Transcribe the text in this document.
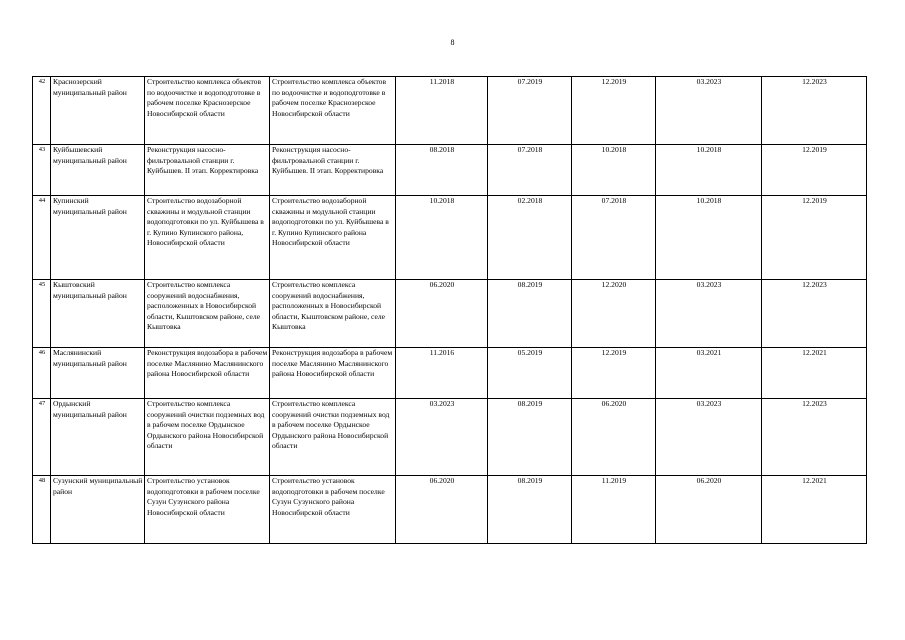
8
42	Краснозерский муниципальный район	Строительство комплекса объектов по водоочистке и водоподготовке в рабочем поселке Краснозерское Новосибирской области	Строительство комплекса объектов по водоочистке и водоподготовке в рабочем поселке Краснозерское Новосибирской области	11.2018	07.2019	12.2019	03.2023	12.2023
43	Куйбышевский муниципальный район	Реконструкция насосно-фильтровальной станции г. Куйбышев. II этап. Корректировка	Реконструкция насосно-фильтровальной станции г. Куйбышев. II этап. Корректировка	08.2018	07.2018	10.2018	10.2018	12.2019
44	Купинский муниципальный район	Строительство водозаборной скважины и модульной станции водоподготовки по ул. Куйбышева в г. Купино Купинского района, Новосибирской области	Строительство водозаборной скважины и модульной станции водоподготовки по ул. Куйбышева в г. Купино Купинского района Новосибирской области	10.2018	02.2018	07.2018	10.2018	12.2019
45	Кыштовский муниципальный район	Строительство комплекса сооружений водоснабжения, расположенных в Новосибирской области, Кыштовском районе, селе Кыштовка	Строительство комплекса сооружений водоснабжения, расположенных в Новосибирской области, Кыштовском районе, селе Кыштовка	06.2020	08.2019	12.2020	03.2023	12.2023
46	Маслянинский муниципальный район	Реконструкция водозабора в рабочем поселке Маслянино Маслянинского района Новосибирской области	Реконструкция водозабора в рабочем поселке Маслянино Маслянинского района Новосибирской области	11.2016	05.2019	12.2019	03.2021	12.2021
47	Ордынский муниципальный район	Строительство комплекса сооружений очистки подземных вод в рабочем поселке Ордынское Ордынского района Новосибирской области	Строительство комплекса сооружений очистки подземных вод в рабочем поселке Ордынское Ордынского района Новосибирской области	03.2023	08.2019	06.2020	03.2023	12.2023
48	Сузунский муниципальный район	Строительство установок водоподготовки в рабочем поселке Сузун Сузунского района Новосибирской области	Строительство установок водоподготовки в рабочем поселке Сузун Сузунского района Новосибирской области	06.2020	08.2019	11.2019	06.2020	12.2021
